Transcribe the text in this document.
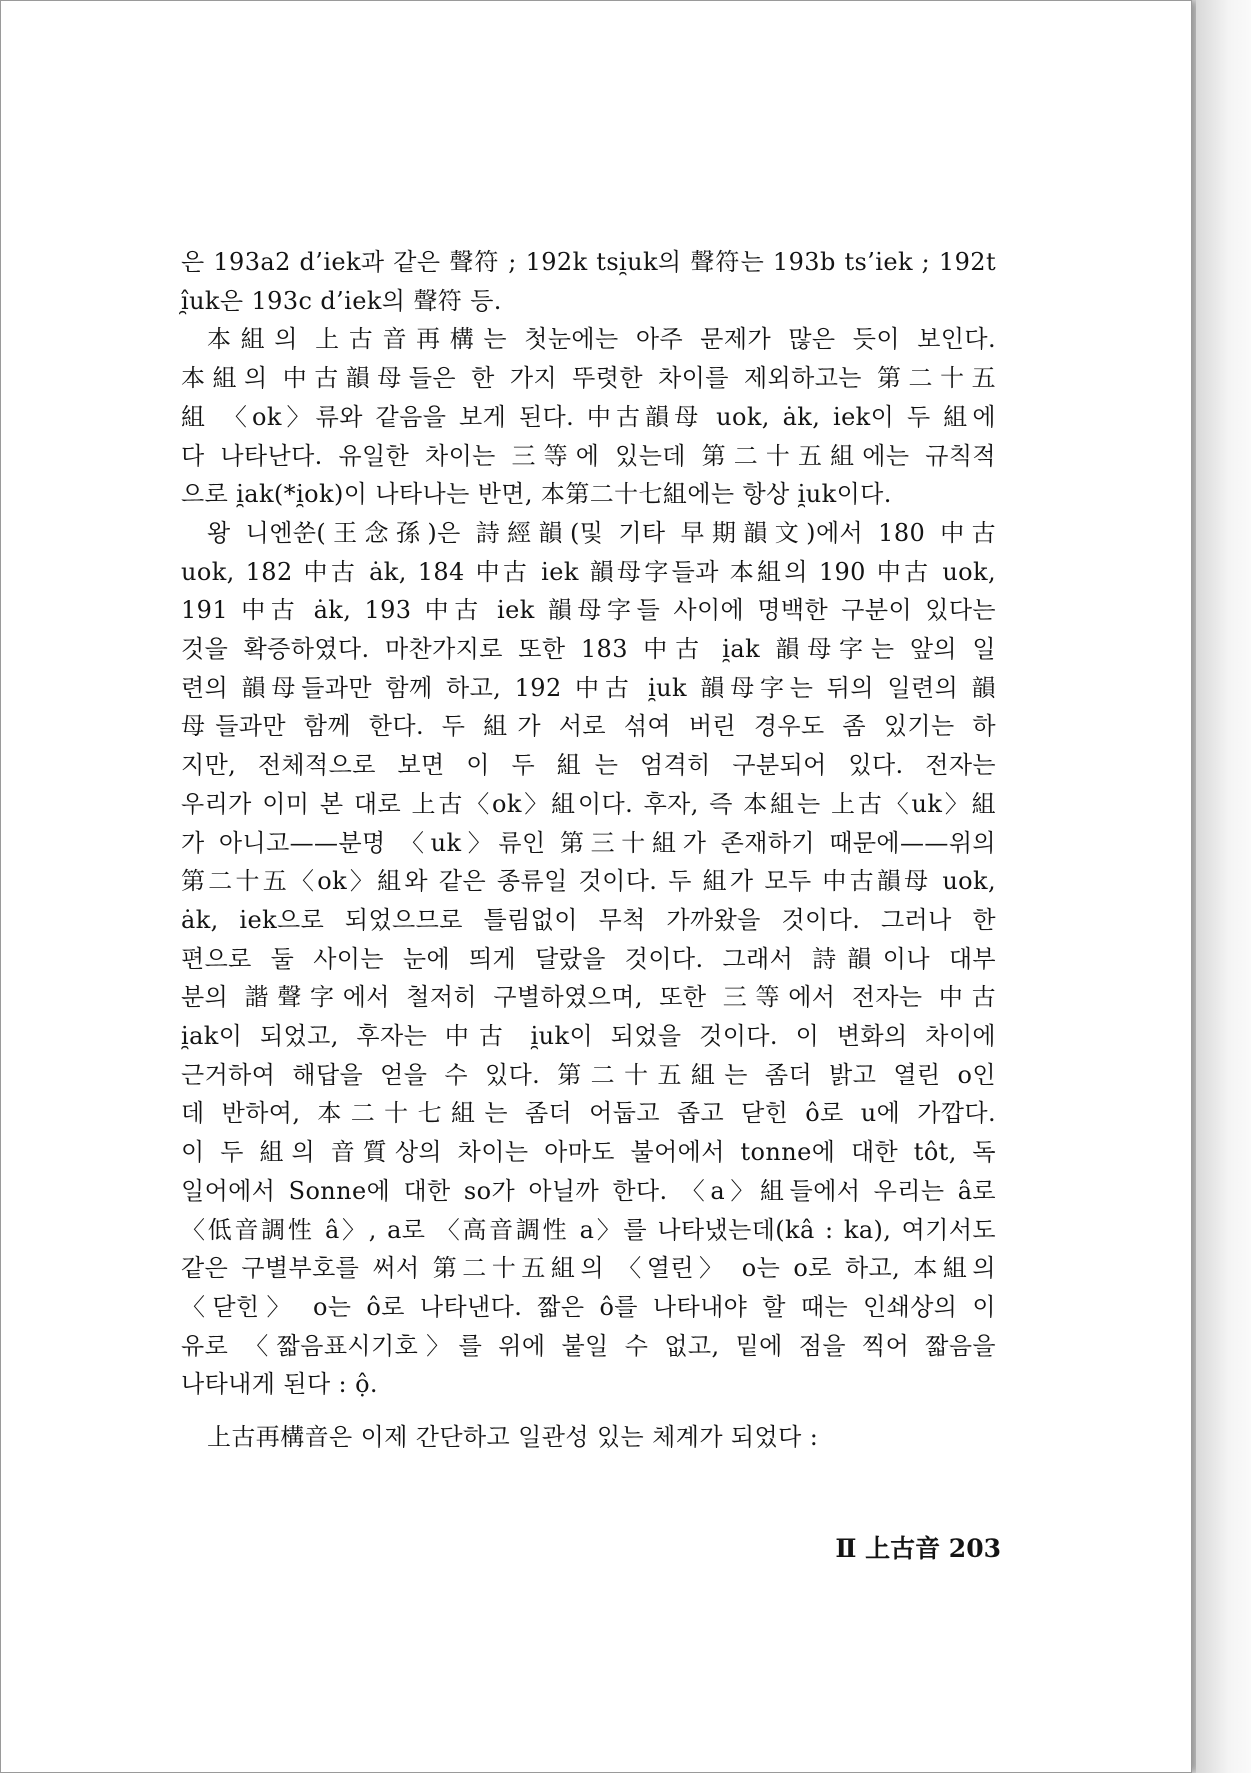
은 193a2 d’iek과 같은 聲符 ; 192k tsi̯uk의 聲符는 193b ts’iek ; 192t
î̯uk은 193c d’iek의 聲符 등.
本組의 上古音再構는 첫눈에는 아주 문제가 많은 듯이 보인다.
本組의 中古韻母들은 한 가지 뚜렷한 차이를 제외하고는 第二十五
組 〈ok〉류와 같음을 보게 된다. 中古韻母 uok, ȧk, iek이 두 組에
다 나타난다. 유일한 차이는 三等에 있는데 第二十五組에는 규칙적
으로 i̯ak(*i̯ok)이 나타나는 반면, 本第二十七組에는 항상 i̯uk이다.
왕 니엔쑨(王念孫)은 詩經韻(및 기타 早期韻文)에서 180 中古
uok, 182 中古 ȧk, 184 中古 iek 韻母字들과 本組의 190 中古 uok,
191 中古 ȧk, 193 中古 iek 韻母字들 사이에 명백한 구분이 있다는
것을 확증하였다. 마찬가지로 또한 183 中古 i̯ak 韻母字는 앞의 일
련의 韻母들과만 함께 하고, 192 中古 i̯uk 韻母字는 뒤의 일련의 韻
母들과만 함께 한다. 두 組가 서로 섞여 버린 경우도 좀 있기는 하
지만, 전체적으로 보면 이 두 組는 엄격히 구분되어 있다. 전자는
우리가 이미 본 대로 上古〈ok〉組이다. 후자, 즉 本組는 上古〈uk〉組
가 아니고——분명 〈uk〉류인 第三十組가 존재하기 때문에——위의
第二十五〈ok〉組와 같은 종류일 것이다. 두 組가 모두 中古韻母 uok,
ȧk, iek으로 되었으므로 틀림없이 무척 가까왔을 것이다. 그러나 한
편으로 둘 사이는 눈에 띄게 달랐을 것이다. 그래서 詩韻이나 대부
분의 諧聲字에서 철저히 구별하였으며, 또한 三等에서 전자는 中古
i̯ak이 되었고, 후자는 中古 i̯uk이 되었을 것이다. 이 변화의 차이에
근거하여 해답을 얻을 수 있다. 第二十五組는 좀더 밝고 열린 o인
데 반하여, 本二十七組는 좀더 어둡고 좁고 닫힌 ô로 u에 가깝다.
이 두 組의 音質상의 차이는 아마도 불어에서 tonne에 대한 tôt, 독
일어에서 Sonne에 대한 so가 아닐까 한다. 〈a〉組들에서 우리는 â로
〈低音調性 â〉, a로 〈高音調性 a〉를 나타냈는데(kâ : ka), 여기서도
같은 구별부호를 써서 第二十五組의 〈열린〉 o는 o로 하고, 本組의
〈닫힌〉 o는 ô로 나타낸다. 짧은 ô를 나타내야 할 때는 인쇄상의 이
유로 〈짧음표시기호〉를 위에 붙일 수 없고, 밑에 점을 찍어 짧음을
나타내게 된다 : ộ.
上古再構音은 이제 간단하고 일관성 있는 체계가 되었다 :
Ⅱ 上古音 203
